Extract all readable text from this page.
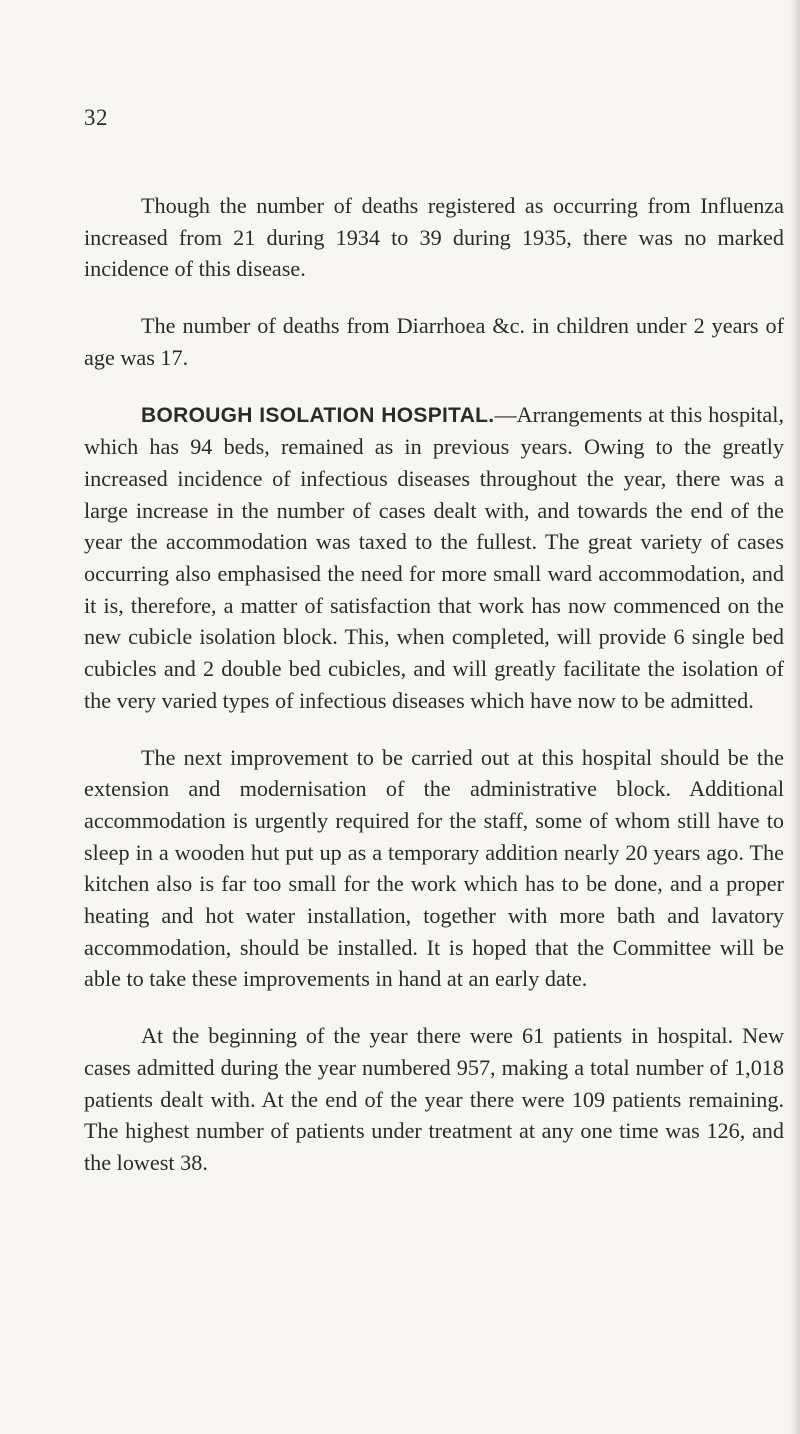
32

Though the number of deaths registered as occurring from Influenza increased from 21 during 1934 to 39 during 1935, there was no marked incidence of this disease.

The number of deaths from Diarrhoea &c. in children under 2 years of age was 17.

BOROUGH ISOLATION HOSPITAL.—Arrangements at this hospital, which has 94 beds, remained as in previous years. Owing to the greatly increased incidence of infectious diseases throughout the year, there was a large increase in the number of cases dealt with, and towards the end of the year the accommodation was taxed to the fullest. The great variety of cases occurring also emphasised the need for more small ward accommodation, and it is, therefore, a matter of satisfaction that work has now commenced on the new cubicle isolation block. This, when completed, will provide 6 single bed cubicles and 2 double bed cubicles, and will greatly facilitate the isolation of the very varied types of infectious diseases which have now to be admitted.

The next improvement to be carried out at this hospital should be the extension and modernisation of the administrative block. Additional accommodation is urgently required for the staff, some of whom still have to sleep in a wooden hut put up as a temporary addition nearly 20 years ago. The kitchen also is far too small for the work which has to be done, and a proper heating and hot water installation, together with more bath and lavatory accommodation, should be installed. It is hoped that the Committee will be able to take these improvements in hand at an early date.

At the beginning of the year there were 61 patients in hospital. New cases admitted during the year numbered 957, making a total number of 1,018 patients dealt with. At the end of the year there were 109 patients remaining. The highest number of patients under treatment at any one time was 126, and the lowest 38.
